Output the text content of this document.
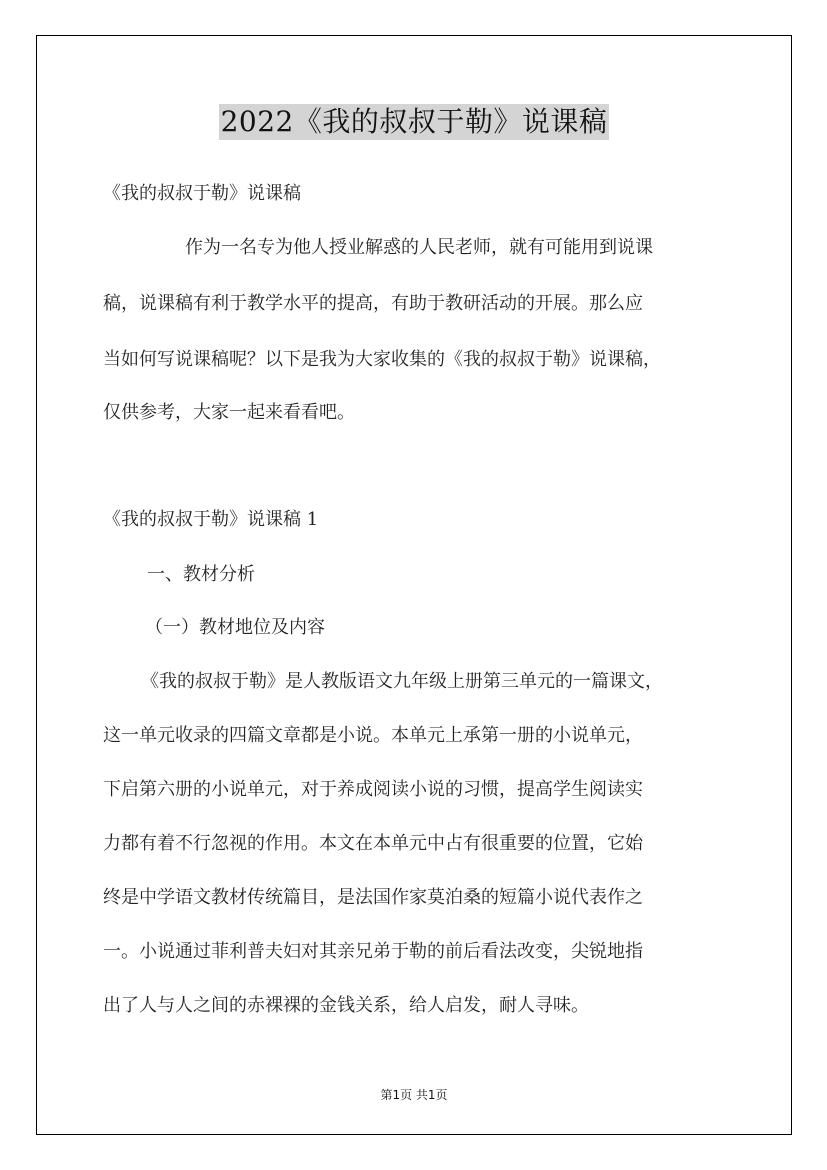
2022《我的叔叔于勒》说课稿
《我的叔叔于勒》说课稿
作为一名专为他人授业解惑的人民老师，就有可能用到说课
稿，说课稿有利于教学水平的提高，有助于教研活动的开展。那么应
当如何写说课稿呢？以下是我为大家收集的《我的叔叔于勒》说课稿，
仅供参考，大家一起来看看吧。
《我的叔叔于勒》说课稿 1
一、教材分析
（一）教材地位及内容
《我的叔叔于勒》是人教版语文九年级上册第三单元的一篇课文，
这一单元收录的四篇文章都是小说。本单元上承第一册的小说单元，
下启第六册的小说单元，对于养成阅读小说的习惯，提高学生阅读实
力都有着不行忽视的作用。本文在本单元中占有很重要的位置，它始
终是中学语文教材传统篇目，是法国作家莫泊桑的短篇小说代表作之
一。小说通过菲利普夫妇对其亲兄弟于勒的前后看法改变，尖锐地指
出了人与人之间的赤裸裸的金钱关系，给人启发，耐人寻味。
第1页 共1页
